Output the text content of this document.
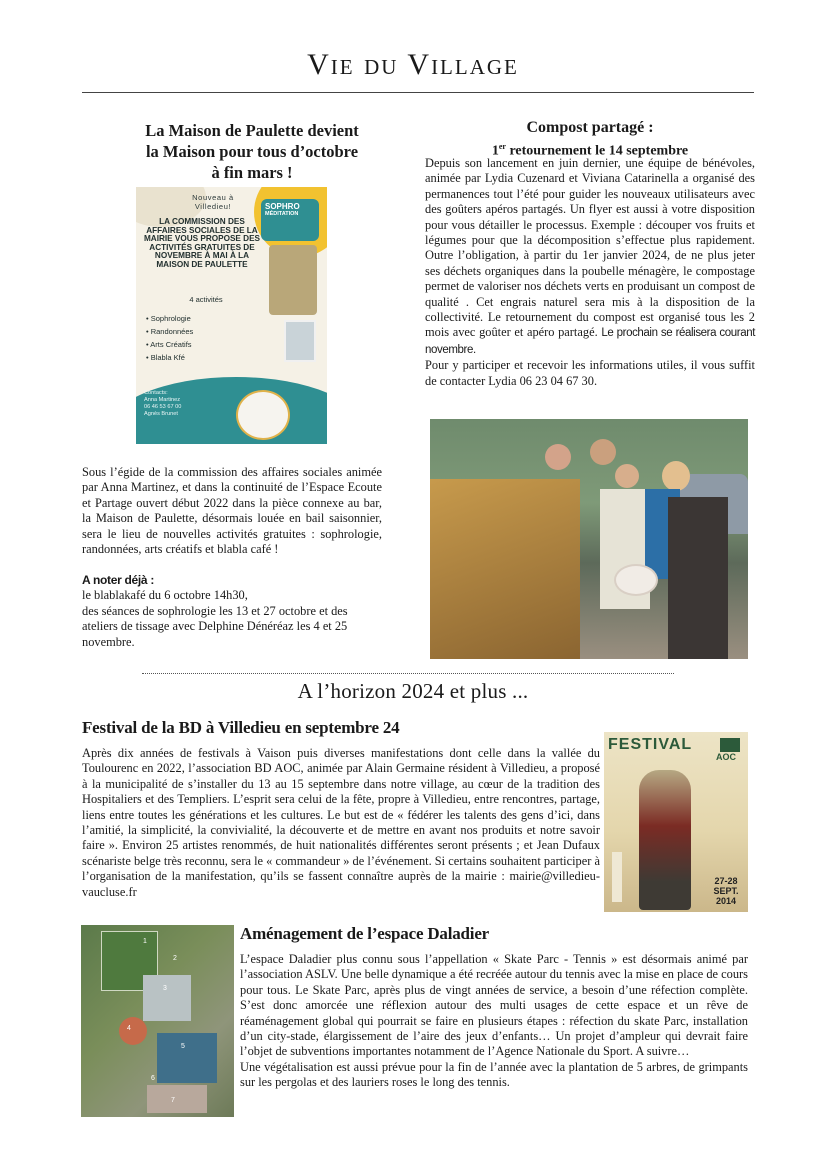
Vie du Village
La Maison de Paulette devient
la Maison pour tous d’octobre
à fin mars !
SOPHRO
MÉDITATION
Nouveau à
Villedieu!
LA COMMISSION DES AFFAIRES SOCIALES DE LA MAIRIE VOUS PROPOSE DES ACTIVITÉS GRATUITES DE NOVEMBRE À MAI À LA MAISON DE PAULETTE
4 activités
• Sophrologie
• Randonnées
• Arts Créatifs
• Blabla Kfé
Contacts:
Anna Martinez
06 46 53 67 00
Agnès Brunet
Sous l’égide de la commission des affaires sociales animée par Anna Martinez, et dans la continuité de l’Espace Ecoute et Partage ouvert début 2022 dans la pièce connexe au bar, la Maison de Paulette, désormais louée en bail saisonnier, sera le lieu de nouvelles activités gratuites : sophrologie, randonnées, arts créatifs et blabla café !
A noter déjà :
le blablakafé du 6 octobre 14h30,
des séances de sophrologie les 13 et 27 octobre et des ateliers de tissage avec Delphine Dénéréaz les 4 et 25 novembre.
Compost partagé :
1er retournement le 14 septembre
Depuis son lancement en juin dernier, une équipe de bénévoles, animée par Lydia Cuzenard et Viviana Catarinella a organisé des permanences tout l’été pour guider les nouveaux utilisateurs avec des goûters apéros partagés. Un flyer est aussi à votre disposition pour vous détailler le processus. Exemple : découper vos fruits et légumes pour que la décomposition s’effectue plus rapidement. Outre l’obligation, à partir du 1er janvier 2024, de ne plus jeter ses déchets organiques dans la poubelle ménagère, le compostage permet de valoriser nos déchets verts en produisant un compost de qualité . Cet engrais naturel sera mis à la disposition de la collectivité. Le retournement du compost est organisé tous les 2 mois avec goûter et apéro partagé. Le prochain se réalisera courant novembre.
Pour y participer et recevoir les informations utiles, il vous suffit de contacter Lydia 06 23 04 67 30.
A l’horizon 2024 et plus ...
Festival de la BD à Villedieu en septembre 24
Après dix années de festivals à Vaison puis diverses manifestations dont celle dans la vallée du Toulourenc en 2022, l’association BD AOC, animée par Alain Germaine résident à Villedieu, a proposé à la municipalité de s’installer du 13 au 15 septembre dans notre village, au cœur de la tradition des Hospitaliers et des Templiers. L’esprit sera celui de la fête, propre à Villedieu, entre rencontres, partage, liens entre toutes les générations et les cultures. Le but est de « fédérer les talents des gens d’ici, dans l’amitié, la simplicité, la convivialité, la découverte et de mettre en avant nos produits et notre savoir faire ». Environ 25 artistes renommés, de huit nationalités différentes seront présents ; et Jean Dufaux scénariste belge très reconnu, sera le « commandeur » de l’événement. Si certains souhaitent participer à l’organisation de la manifestation, qu’ils se fassent connaître auprès de la mairie : mairie@villedieu-vaucluse.fr
FESTIVAL
AOC
27-28
SEPT.
2014
1
2
3
4
5
6
7
Aménagement de l’espace Daladier
L’espace Daladier plus connu sous l’appellation « Skate Parc - Tennis » est désormais animé par l’association ASLV. Une belle dynamique a été recréée autour du tennis avec la mise en place de cours pour tous. Le Skate Parc, après plus de vingt années de service, a besoin d’une réfection complète. S’est donc amorcée une réflexion autour des multi usages de cette espace et un rêve de réaménagement global qui pourrait se faire en plusieurs étapes : réfection du skate Parc, installation d’un city-stade, élargissement de l’aire des jeux d’enfants… Un projet d’ampleur qui devrait faire l’objet de subventions importantes notamment de l’Agence Nationale du Sport. A suivre…
Une végétalisation est aussi prévue pour la fin de l’année avec la plantation de 5 arbres, de grimpants sur les pergolas et des lauriers roses le long des tennis.
